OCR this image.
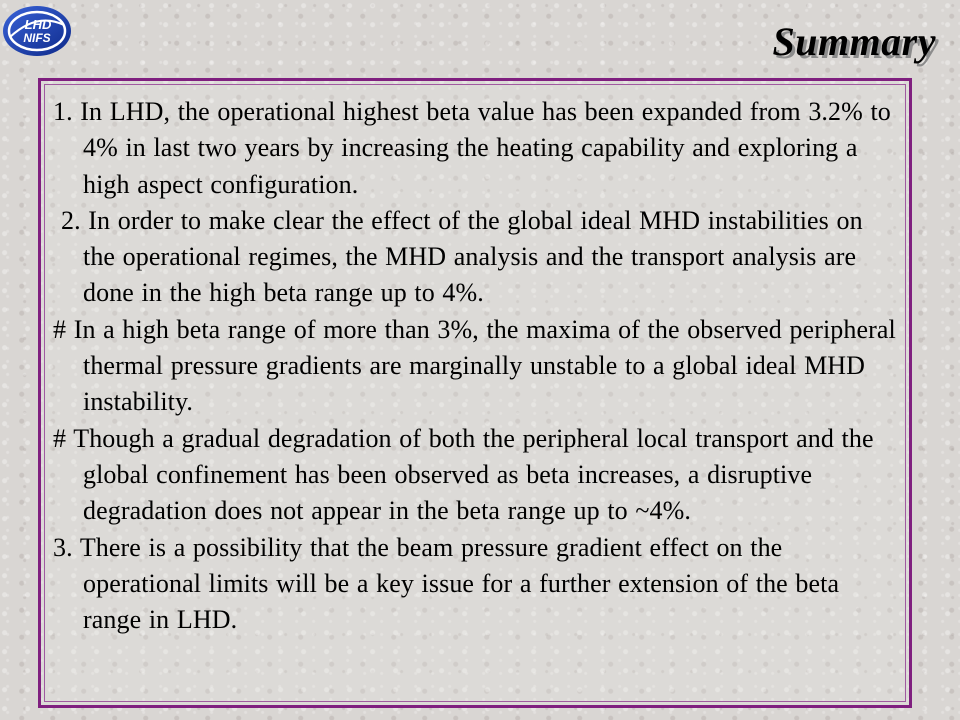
LHD
NIFS	Summary
1. In LHD, the operational highest beta value has been expanded from 3.2% to 4% in last two years by increasing the heating capability and exploring a high aspect configuration.
2. In order to make clear the effect of the global ideal MHD instabilities on the operational regimes, the MHD analysis and the transport analysis are done in the high beta range up to 4%.
# In a high beta range of more than 3%, the maxima of the observed peripheral thermal pressure gradients are marginally unstable to a global ideal MHD instability.
# Though a gradual degradation of both the peripheral local transport and the global confinement has been observed as beta increases, a disruptive degradation does not appear in the beta range up to ~4%.
3. There is a possibility that the beam pressure gradient effect on the operational limits will be a key issue for a further extension of the beta range in LHD.
